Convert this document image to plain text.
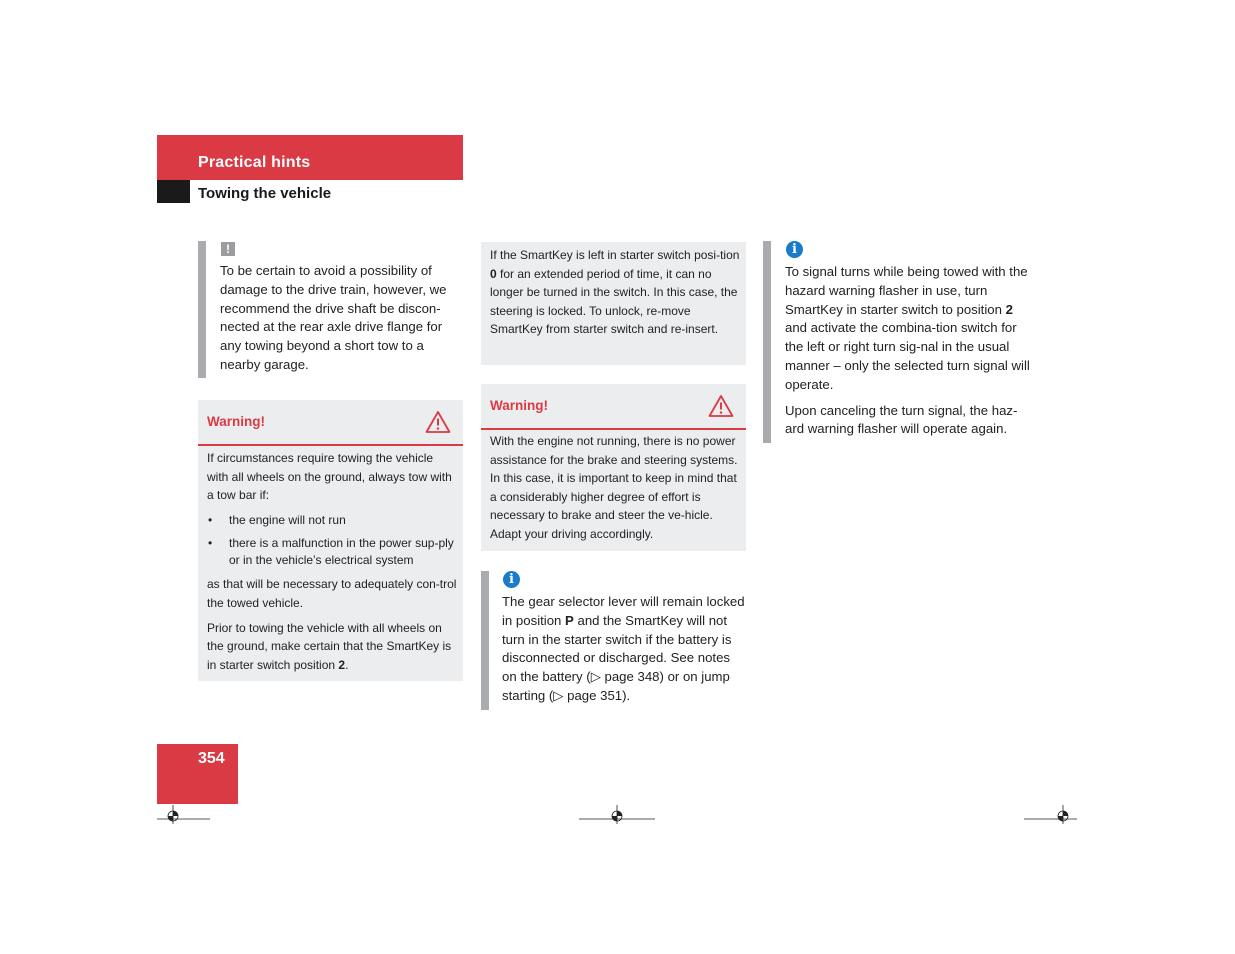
Practical hints
Towing the vehicle
!

To be certain to avoid a possibility of damage to the drive train, however, we recommend the drive shaft be discon-nected at the rear axle drive flange for any towing beyond a short tow to a nearby garage.

Warning!

If circumstances require towing the vehicle with all wheels on the ground, always tow with a tow bar if:

• the engine will not run
• there is a malfunction in the power sup-ply or in the vehicle’s electrical system

as that will be necessary to adequately con-trol the towed vehicle.

Prior to towing the vehicle with all wheels on the ground, make certain that the SmartKey is in starter switch position 2.

If the SmartKey is left in starter switch posi-tion 0 for an extended period of time, it can no longer be turned in the switch. In this case, the steering is locked. To unlock, re-move SmartKey from starter switch and re-insert.

Warning!

With the engine not running, there is no power assistance for the brake and steering systems. In this case, it is important to keep in mind that a considerably higher degree of effort is necessary to brake and steer the ve-hicle. Adapt your driving accordingly.

i

The gear selector lever will remain locked in position P and the SmartKey will not turn in the starter switch if the battery is disconnected or discharged. See notes on the battery (▷ page 348) or on jump starting (▷ page 351).

i

To signal turns while being towed with the hazard warning flasher in use, turn SmartKey in starter switch to position 2 and activate the combina-tion switch for the left or right turn sig-nal in the usual manner – only the selected turn signal will operate.

Upon canceling the turn signal, the haz-ard warning flasher will operate again.

354
